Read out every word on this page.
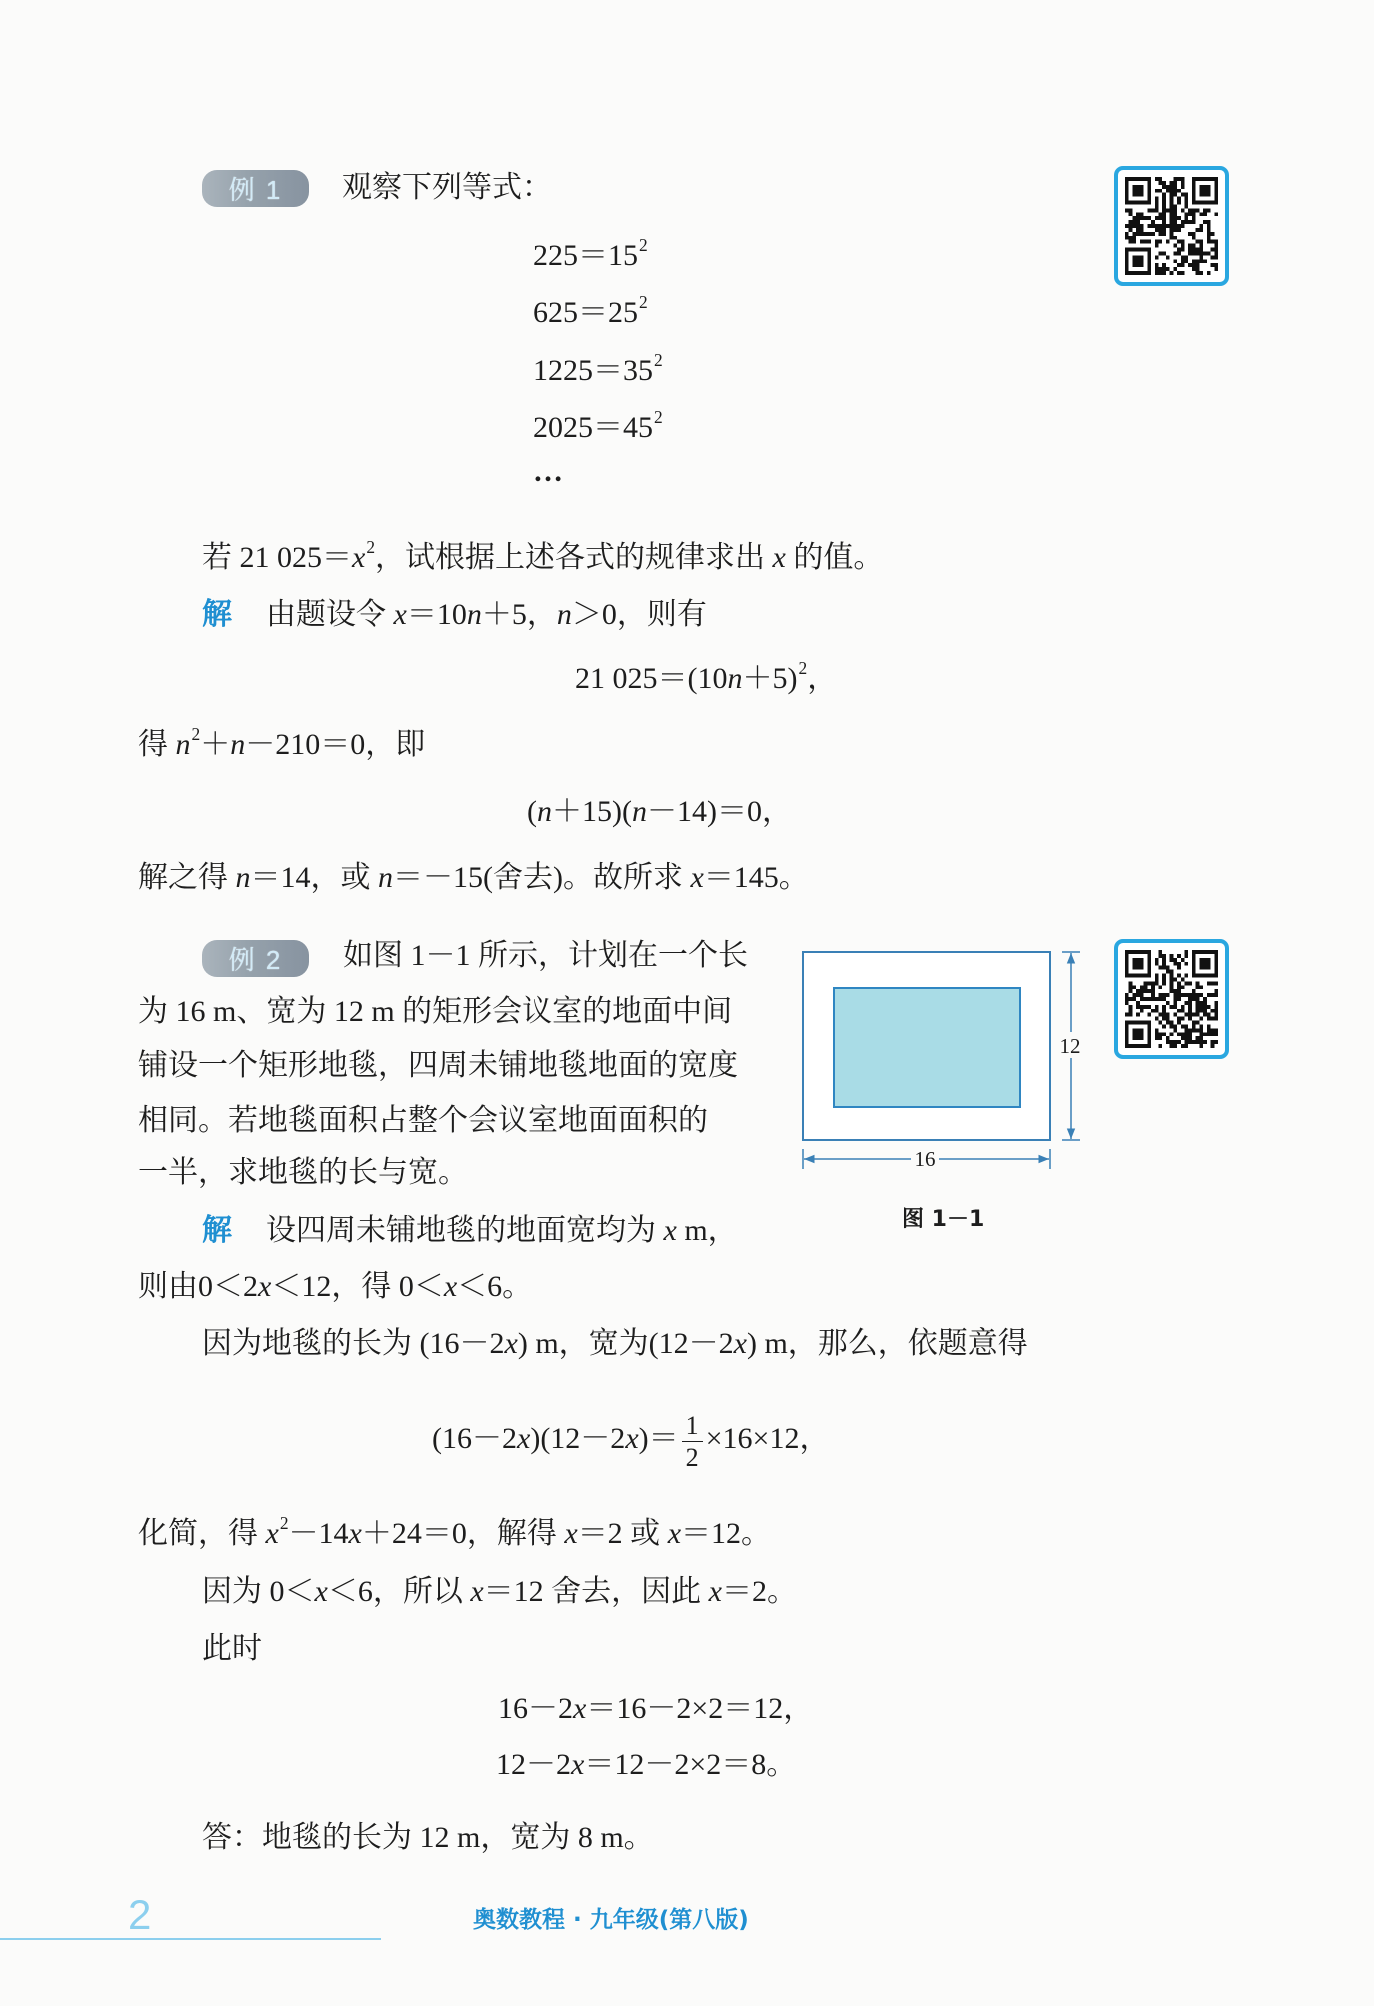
例 1	观察下列等式：
$225=15^2$
$625=25^2$
$1225=35^2$
$2025=45^2$
…
若 21 $025=x^2$，试根据上述各式的规律求出 x 的值。
解 由题设令 x＝10n＋5，n＞0，则有
21 $025=(10n+5)^2$，
得 $n^2+n-210=0$，即
(n＋15)(n－14)＝0，
解之得 n＝14，或 n＝－15(舍去)。故所求 x＝145。
例 2	如图 1－1 所示，计划在一个长
为 16 m、宽为 12 m 的矩形会议室的地面中间
铺设一个矩形地毯，四周未铺地毯地面的宽度
相同。若地毯面积占整个会议室地面面积的
一半，求地毯的长与宽。
12
16
图 1－1
解 设四周未铺地毯的地面宽均为 x m，
则由0＜2x＜12，得 0＜x＜6。
因为地毯的长为 (16－2x) m，宽为(12－2x) m，那么，依题意得
$(16-2x)(12-2x)= \frac{1}{2} \times 16\times 12$，
化简，得 $x^2-14x+24=0$，解得 x＝2 或 x＝12。
因为 0＜x＜6，所以 x＝12 舍去，因此 x＝2。
此时
16－2x＝16－2×2＝12，
12－2x＝12－2×2＝8。
答：地毯的长为 12 m，宽为 8 m。
2	奥数教程 · 九年级(第八版)
